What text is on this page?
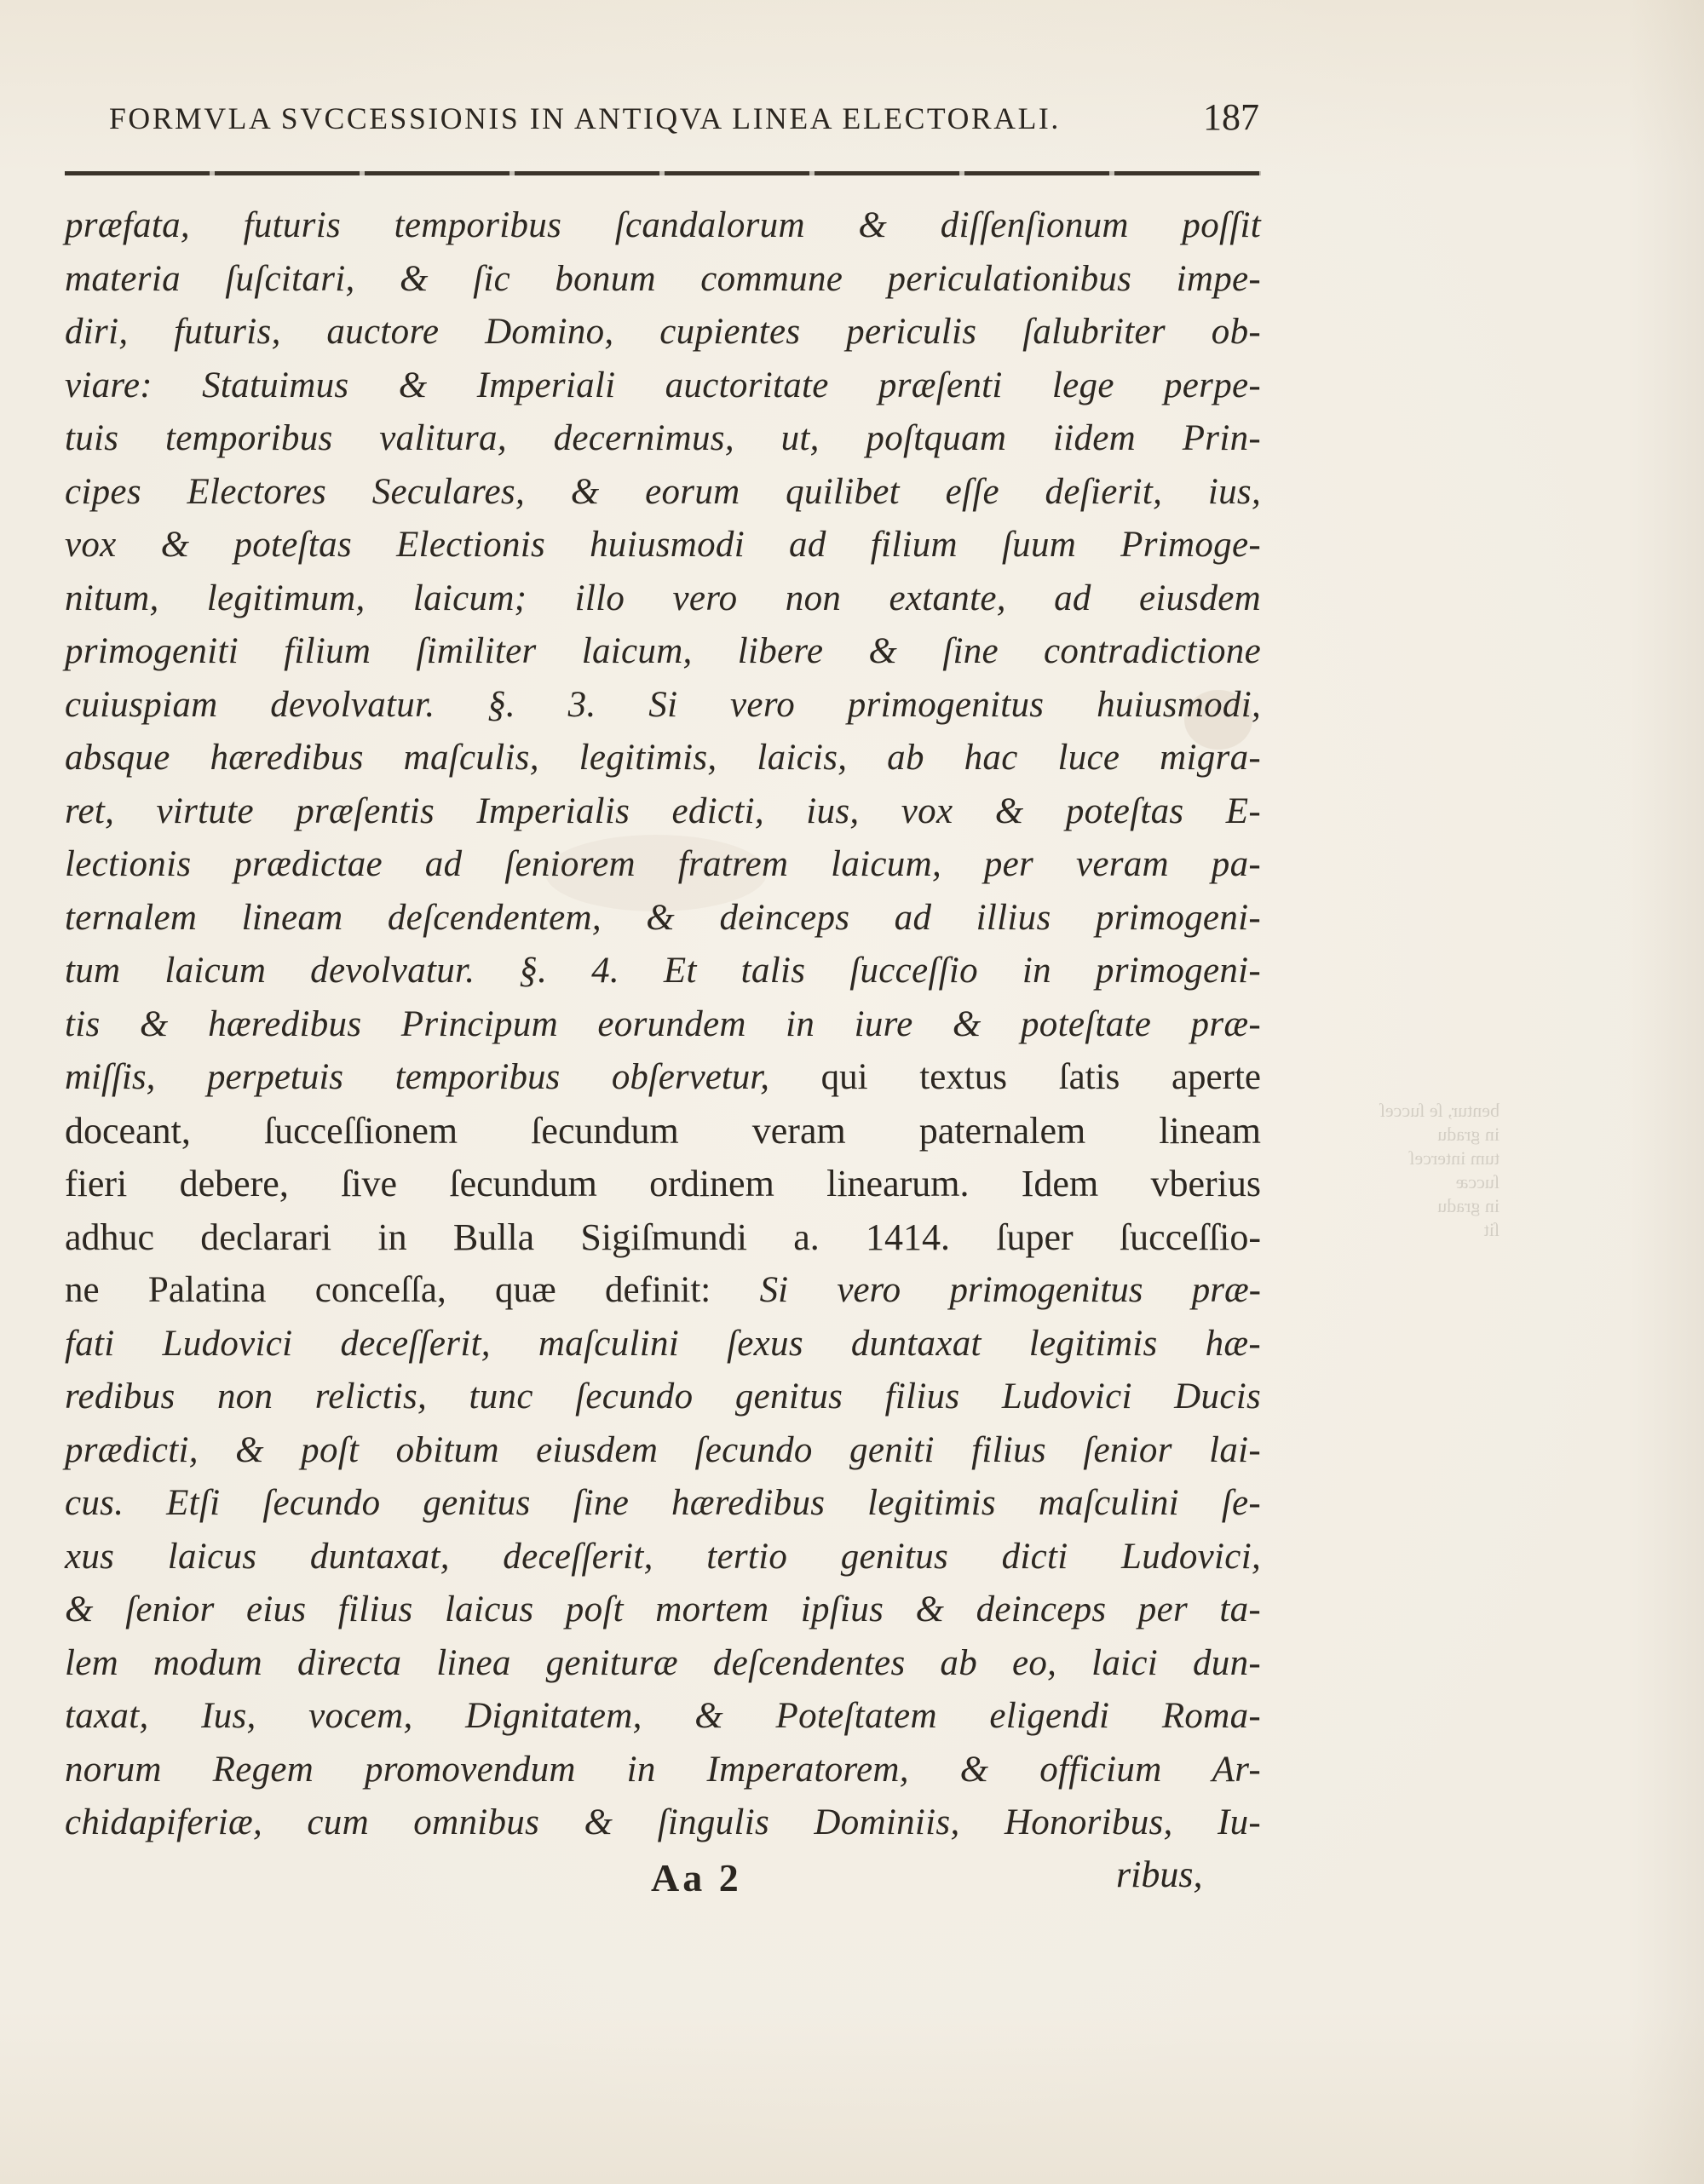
bentur, ſe ſucceſ
in gradu
tum interceſ
ſuccæ
in gradu
ſit
FORMVLA SVCCESSIONIS IN ANTIQVA LINEA ELECTORALI.	187
præfata, futuris temporibus ſcandalorum & diſſenſionum poſſit
materia ſuſcitari, & ſic bonum commune periculationibus impe-
diri, futuris, auctore Domino, cupientes periculis ſalubriter ob-
viare: Statuimus & Imperiali auctoritate præſenti lege perpe-
tuis temporibus valitura, decernimus, ut, poſtquam iidem Prin-
cipes Electores Seculares, & eorum quilibet eſſe deſierit, ius,
vox & poteſtas Electionis huiusmodi ad filium ſuum Primoge-
nitum, legitimum, laicum; illo vero non extante, ad eiusdem
primogeniti filium ſimiliter laicum, libere & ſine contradictione
cuiuspiam devolvatur. §. 3. Si vero primogenitus huiusmodi,
absque hæredibus maſculis, legitimis, laicis, ab hac luce migra-
ret, virtute præſentis Imperialis edicti, ius, vox & poteſtas E-
lectionis prædictae ad ſeniorem fratrem laicum, per veram pa-
ternalem lineam deſcendentem, & deinceps ad illius primogeni-
tum laicum devolvatur. §. 4. Et talis ſucceſſio in primogeni-
tis & hæredibus Principum eorundem in iure & poteſtate præ-
miſſis, perpetuis temporibus obſervetur, qui textus ſatis aperte
doceant, ſucceſſionem ſecundum veram paternalem lineam
fieri debere, ſive ſecundum ordinem linearum. Idem vberius
adhuc declarari in Bulla Sigiſmundi a. 1414. ſuper ſucceſſio-
ne Palatina conceſſa, quæ definit: Si vero primogenitus præ-
fati Ludovici deceſſerit, maſculini ſexus duntaxat legitimis hæ-
redibus non relictis, tunc ſecundo genitus filius Ludovici Ducis
prædicti, & poſt obitum eiusdem ſecundo geniti filius ſenior lai-
cus. Etſi ſecundo genitus ſine hæredibus legitimis maſculini ſe-
xus laicus duntaxat, deceſſerit, tertio genitus dicti Ludovici,
& ſenior eius filius laicus poſt mortem ipſius & deinceps per ta-
lem modum directa linea genituræ deſcendentes ab eo, laici dun-
taxat, Ius, vocem, Dignitatem, & Poteſtatem eligendi Roma-
norum Regem promovendum in Imperatorem, & officium Ar-
chidapiferiæ, cum omnibus & ſingulis Dominiis, Honoribus, Iu-
Aa 2	ribus,
